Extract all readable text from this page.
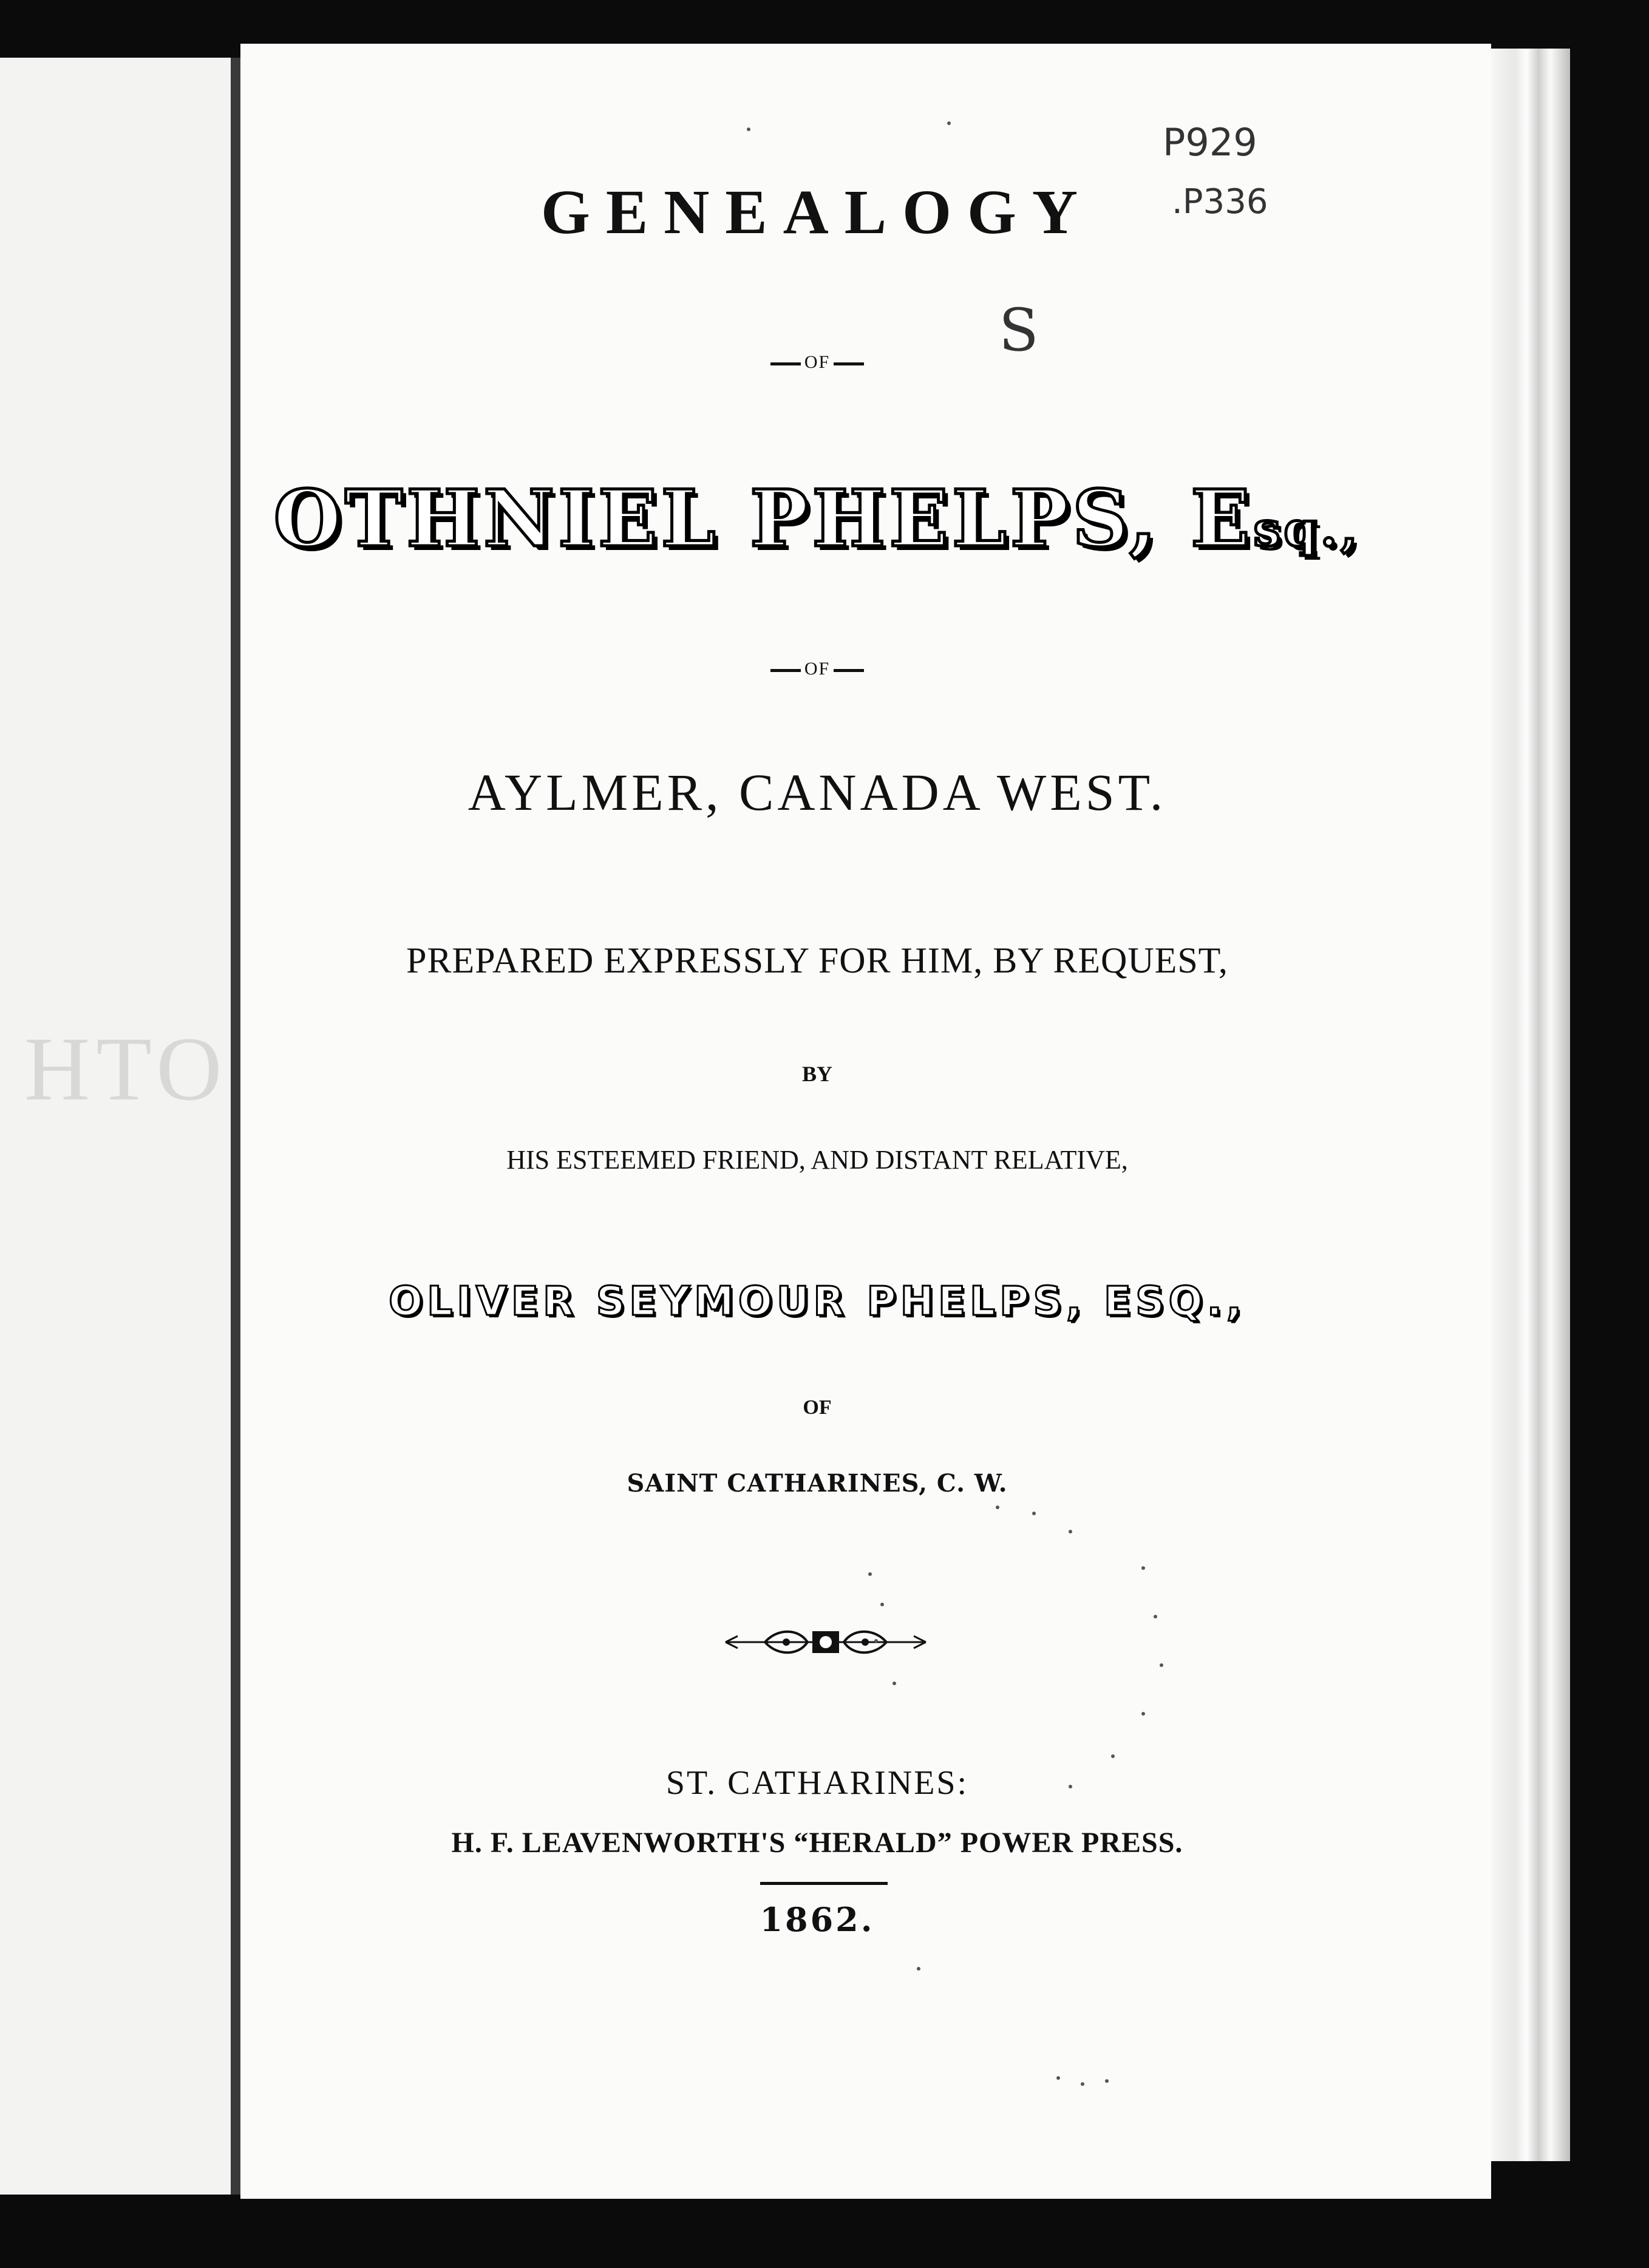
HTO
P929
.P336
S
GENEALOGY
OF
OTHNIEL PHELPS, Esq.,
OF
AYLMER, CANADA WEST.
PREPARED EXPRESSLY FOR HIM, BY REQUEST,
BY
HIS ESTEEMED FRIEND, AND DISTANT RELATIVE,
OLIVER SEYMOUR PHELPS, ESQ.,
OF
SAINT CATHARINES, C. W.
ST. CATHARINES:
H. F. LEAVENWORTH'S “HERALD” POWER PRESS.
1862.
